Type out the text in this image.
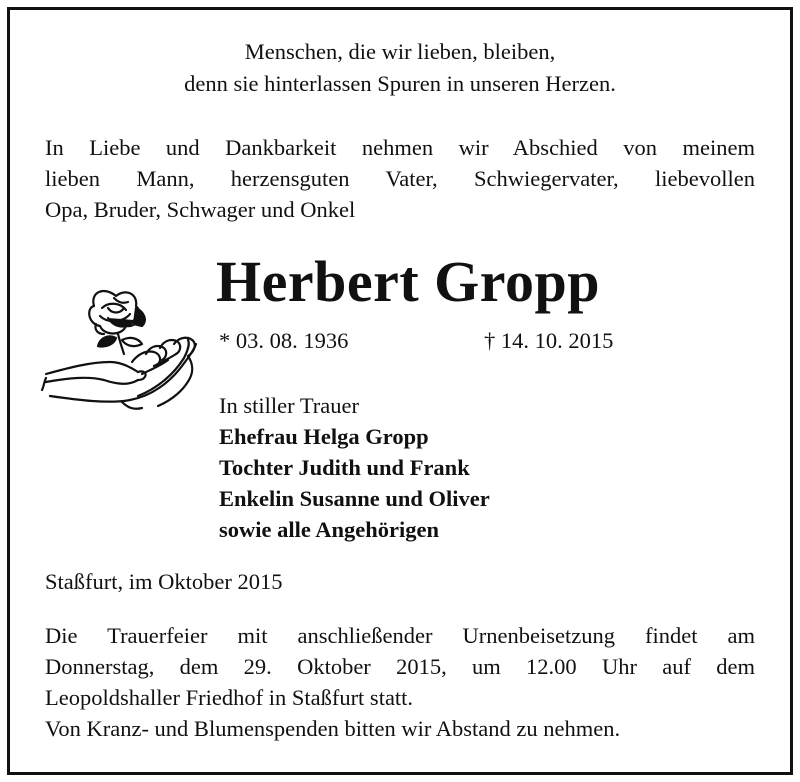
Menschen, die wir lieben, bleiben,
denn sie hinterlassen Spuren in unseren Herzen.
In Liebe und Dankbarkeit nehmen wir Abschied von meinem
lieben Mann, herzensguten Vater, Schwiegervater, liebevollen
Opa, Bruder, Schwager und Onkel
Herbert Gropp
* 03. 08. 1936	† 14. 10. 2015
In stiller Trauer
Ehefrau Helga Gropp
Tochter Judith und Frank
Enkelin Susanne und Oliver
sowie alle Angehörigen
Staßfurt, im Oktober 2015
Die Trauerfeier mit anschließender Urnenbeisetzung findet am
Donnerstag, dem 29. Oktober 2015, um 12.00 Uhr auf dem
Leopoldshaller Friedhof in Staßfurt statt.
Von Kranz- und Blumenspenden bitten wir Abstand zu nehmen.
